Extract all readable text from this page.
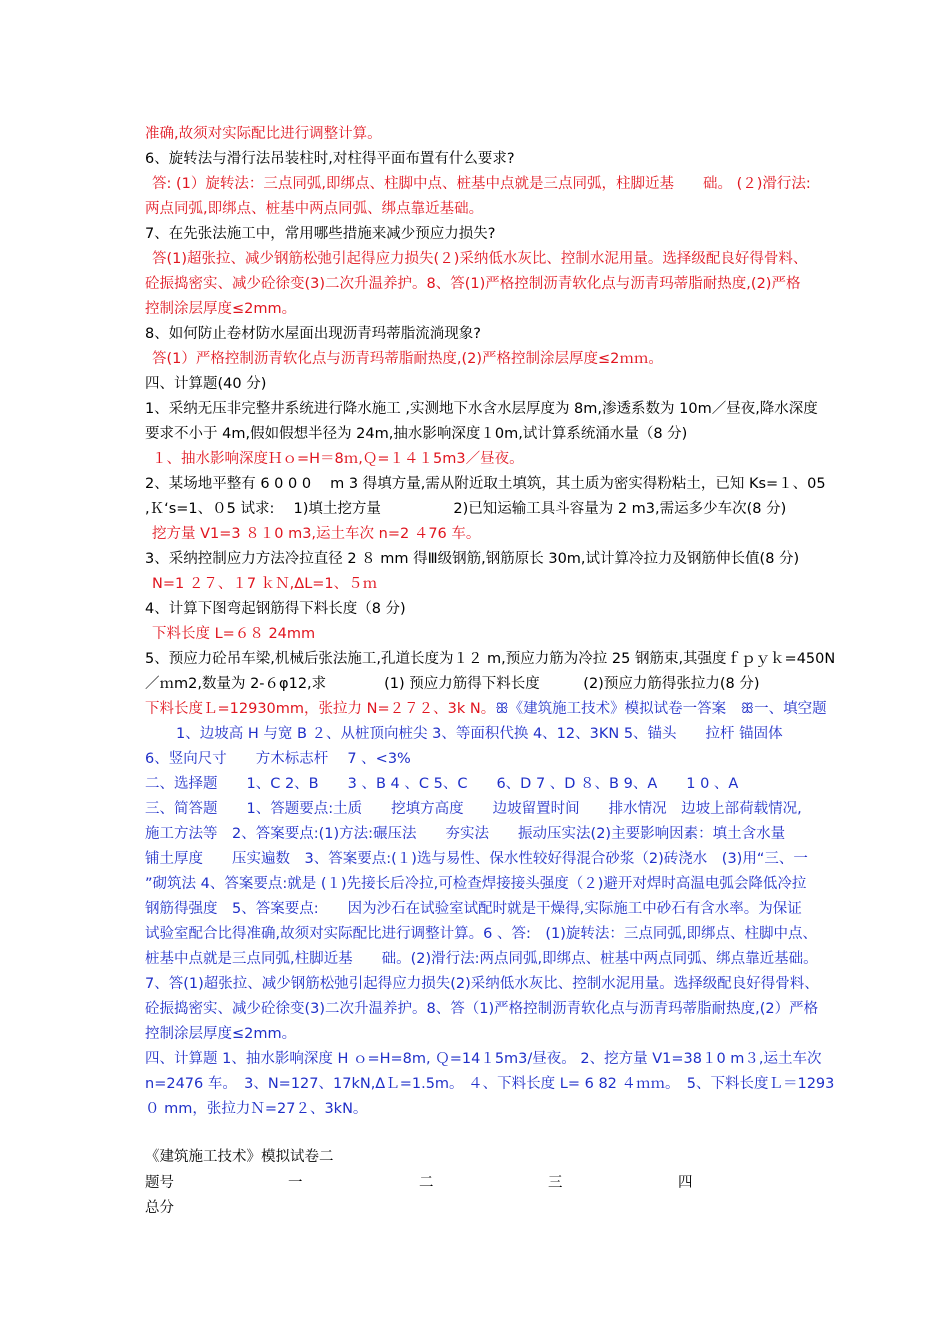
准确,故须对实际配比进行调整计算。
6、旋转法与滑行法吊装柱时,对柱得平面布置有什么要求?
答: (1）旋转法：三点同弧,即绑点、柱脚中点、桩基中点就是三点同弧，柱脚近基　　础。 (２)滑行法:
两点同弧,即绑点、桩基中两点同弧、绑点靠近基础。
7、在先张法施工中，常用哪些措施来减少预应力损失?
答(1)超张拉、减少钢筋松弛引起得应力损失(２)采纳低水灰比、控制水泥用量。选择级配良好得骨料、
砼振捣密实、减少砼徐变(3)二次升温养护。8、答(1)严格控制沥青软化点与沥青玛蒂脂耐热度,(2)严格
控制涂层厚度≤2mm。
8、如何防止卷材防水屋面出现沥青玛蒂脂流淌现象?
答(1）严格控制沥青软化点与沥青玛蒂脂耐热度,(2)严格控制涂层厚度≤2ｍｍ。
四、计算题(40 分)
1、采纳无压非完整井系统进行降水施工 ,实测地下水含水层厚度为 8m,渗透系数为 10m／昼夜,降水深度
要求不小于 4m,假如假想半径为 24m,抽水影响深度１0m,试计算系统涌水量（8 分)
１、抽水影响深度Ｈｏ=H＝8ｍ,Ｑ=１４１5m3／昼夜。
2、某场地平整有 6 0 0 0 　m 3 得填方量,需从附近取土填筑，其土质为密实得粉粘土，已知 Ks=１、05
,Ｋ‘s=1、０5 试求:　 1)填土挖方量　　　　　2)已知运输工具斗容量为 2 m3,需运多少车次(8 分)
挖方量 V1=3 ８１0 m3,运土车次 n=2 ４76 车。
3、采纳控制应力方法冷拉直径 2 ８ mm 得Ⅲ级钢筋,钢筋原长 30m,试计算冷拉力及钢筋伸长值(8 分)
N=1 ２７、１7 ｋＮ,ΔL=1、５ｍ
4、计算下图弯起钢筋得下料长度（8 分)
下料长度 L=６８ 24mm
5、预应力砼吊车梁,机械后张法施工,孔道长度为１２ m,预应力筋为冷拉 25 钢筋束,其强度ｆｐｙｋ=450N
／ｍm2,数量为 2-６φ12,求　　　　(1) 预应力筋得下料长度　　　(2)预应力筋得张拉力(8 分)
下料长度Ｌ=12930mm，张拉力 N=２７２、3k N。ꕥ《建筑施工技术》模拟试卷一答案　ꕥ一、填空题
1、边坡高 H 与宽 B ２、从桩顶向桩尖 3、等面积代换 4、12、3KN 5、锚头　　拉杆 锚固体
6、竖向尺寸　　方木标志杆　 7 、<3%
二、选择题　　1、C 2、B　　3 、B 4 、C 5、C　　6、D 7 、D ８、B 9、A　　1 0 、A
三、简答题　　1、答题要点:土质　　挖填方高度　　边坡留置时间　　排水情况　边坡上部荷载情况,
施工方法等　2、答案要点:(1)方法:碾压法　　夯实法　　振动压实法(2)主要影响因素：填土含水量
铺土厚度　　压实遍数　3、答案要点:(１)选与易性、保水性较好得混合砂浆（2)砖浇水　(3)用“三、一
”砌筑法 4、答案要点:就是 (１)先接长后冷拉,可检查焊接接头强度（２)避开对焊时高温电弧会降低冷拉
钢筋得强度　5、答案要点:　　因为沙石在试验室试配时就是干燥得,实际施工中砂石有含水率。为保证
试验室配合比得准确,故须对实际配比进行调整计算。6 、答:　(1)旋转法：三点同弧,即绑点、柱脚中点、
桩基中点就是三点同弧,柱脚近基　　础。(2)滑行法:两点同弧,即绑点、桩基中两点同弧、绑点靠近基础。
7、答(1)超张拉、减少钢筋松弛引起得应力损失(2)采纳低水灰比、控制水泥用量。选择级配良好得骨料、
砼振捣密实、减少砼徐变(3)二次升温养护。8、答（1)严格控制沥青软化点与沥青玛蒂脂耐热度,(2）严格
控制涂层厚度≤2mm。
四、计算题 1、抽水影响深度 H ｏ=H=8m, Ｑ=14１5m3/昼夜。 2、挖方量 V1=38１0 m３,运土车次
n=2476 车。　3、N=127、17kN,ΔＬ=1.5m。 ４、下料长度 L= 6 82 ４ｍｍ。　5、下料长度Ｌ＝1293
０ mm，张拉力Ｎ=27２、3kN。
《建筑施工技术》模拟试卷二
题号	一	二	三	四
总分
